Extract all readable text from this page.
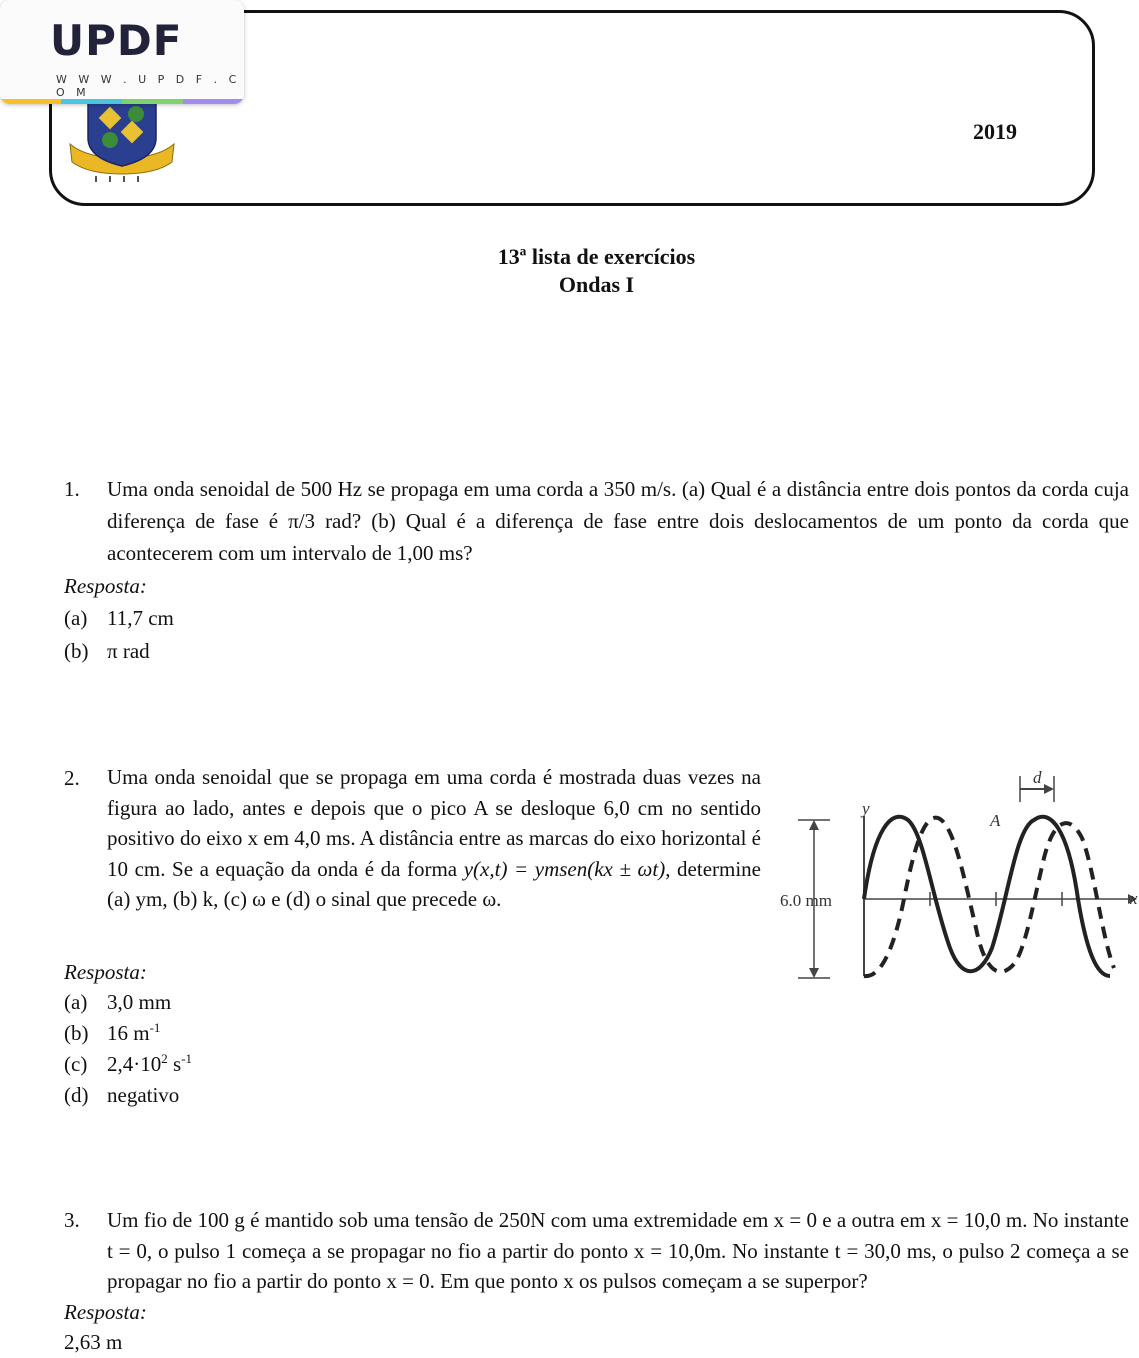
2019
UPDF
W W W . U P D F . C O M
13ª lista de exercícios
Ondas I
1. Uma onda senoidal de 500 Hz se propaga em uma corda a 350 m/s. (a) Qual é a distância entre dois pontos da corda cuja diferença de fase é π/3 rad? (b) Qual é a diferença de fase entre dois deslocamentos de um ponto da corda que acontecerem com um intervalo de 1,00 ms?
Resposta:
(a) 11,7 cm
(b) π rad
2. Uma onda senoidal que se propaga em uma corda é mostrada duas vezes na figura ao lado, antes e depois que o pico A se desloque 6,0 cm no sentido positivo do eixo x em 4,0 ms. A distância entre as marcas do eixo horizontal é 10 cm. Se a equação da onda é da forma y(x,t) = ymsen(kx ± ωt), determine (a) ym, (b) k, (c) ω e (d) o sinal que precede ω.
y
x
d
A
6.0 mm
Resposta:
(a) 3,0 mm
(b) 16 $m^{-1}$
(c) $2,4\cdot 10^2$ $s^{-1}$
(d) negativo
3. Um fio de 100 g é mantido sob uma tensão de 250N com uma extremidade em x = 0 e a outra em x = 10,0 m. No instante t = 0, o pulso 1 começa a se propagar no fio a partir do ponto x = 10,0m. No instante t = 30,0 ms, o pulso 2 começa a se propagar no fio a partir do ponto x = 0. Em que ponto x os pulsos começam a se superpor?
Resposta:
2,63 m
